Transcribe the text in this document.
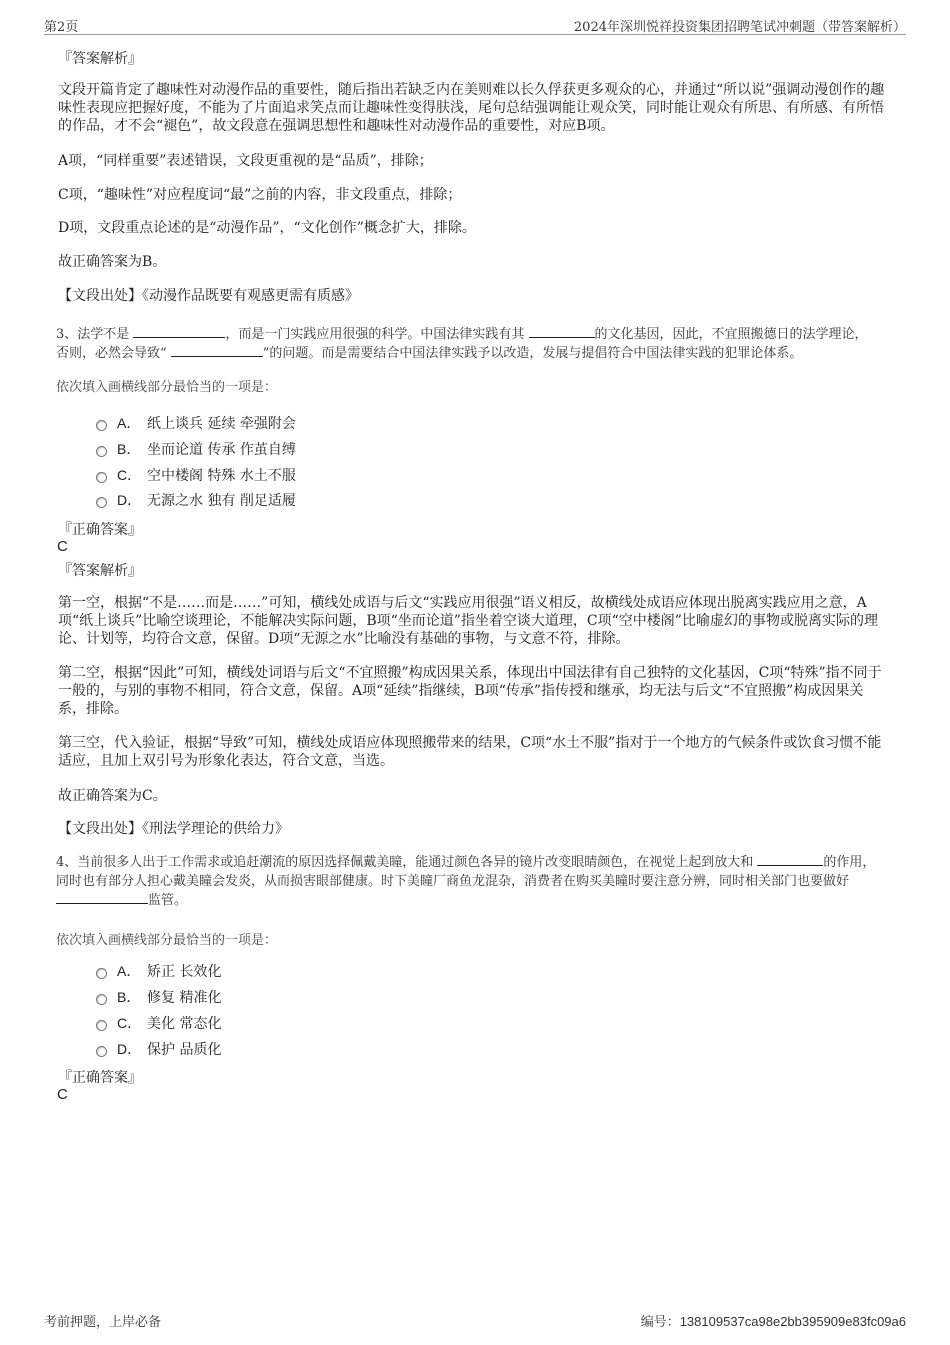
第2页	2024年深圳悦祥投资集团招聘笔试冲刺题（带答案解析）

『答案解析』

文段开篇肯定了趣味性对动漫作品的重要性，随后指出若缺乏内在美则难以长久俘获更多观众的心，并通过“所以说”强调动漫创作的趣味性表现应把握好度，不能为了片面追求笑点而让趣味性变得肤浅，尾句总结强调能让观众笑，同时能让观众有所思、有所感、有所悟的作品，才不会“褪色”，故文段意在强调思想性和趣味性对动漫作品的重要性，对应B项。

A项，“同样重要”表述错误，文段更重视的是“品质”，排除；

C项，“趣味性”对应程度词“最”之前的内容，非文段重点，排除；

D项，文段重点论述的是“动漫作品”，“文化创作”概念扩大，排除。

故正确答案为B。

【文段出处】《动漫作品既要有观感更需有质感》

3、法学不是	，而是一门实践应用很强的科学。中国法律实践有其	的文化基因，因此，不宜照搬德日的法学理论，
否则，必然会导致“	”的问题。而是需要结合中国法律实践予以改造，发展与提倡符合中国法律实践的犯罪论体系。

依次填入画横线部分最恰当的一项是：

A． 纸上谈兵 延续 牵强附会
B． 坐而论道 传承 作茧自缚
C． 空中楼阁 特殊 水土不服
D． 无源之水 独有 削足适履

『正确答案』

C

『答案解析』

第一空，根据“不是……而是……”可知，横线处成语与后文“实践应用很强”语义相反，故横线处成语应体现出脱离实践应用之意，A项“纸上谈兵”比喻空谈理论，不能解决实际问题，B项“坐而论道”指坐着空谈大道理，C项“空中楼阁”比喻虚幻的事物或脱离实际的理论、计划等，均符合文意，保留。D项“无源之水”比喻没有基础的事物，与文意不符，排除。

第二空，根据“因此”可知，横线处词语与后文“不宜照搬”构成因果关系，体现出中国法律有自己独特的文化基因，C项“特殊”指不同于一般的，与别的事物不相同，符合文意，保留。A项“延续”指继续，B项“传承”指传授和继承，均无法与后文“不宜照搬”构成因果关系，排除。

第三空，代入验证，根据“导致”可知，横线处成语应体现照搬带来的结果，C项“水土不服”指对于一个地方的气候条件或饮食习惯不能适应，且加上双引号为形象化表达，符合文意，当选。

故正确答案为C。

【文段出处】《刑法学理论的供给力》

4、当前很多人出于工作需求或追赶潮流的原因选择佩戴美瞳，能通过颜色各异的镜片改变眼睛颜色，在视觉上起到放大和	的作用，
同时也有部分人担心戴美瞳会发炎，从而损害眼部健康。时下美瞳厂商鱼龙混杂，消费者在购买美瞳时要注意分辨，同时相关部门也要做好
监管。

依次填入画横线部分最恰当的一项是：

A． 矫正 长效化
B． 修复 精准化
C． 美化 常态化
D． 保护 品质化

『正确答案』

C

考前押题，上岸必备	编号：138109537ca98e2bb395909e83fc09a6
